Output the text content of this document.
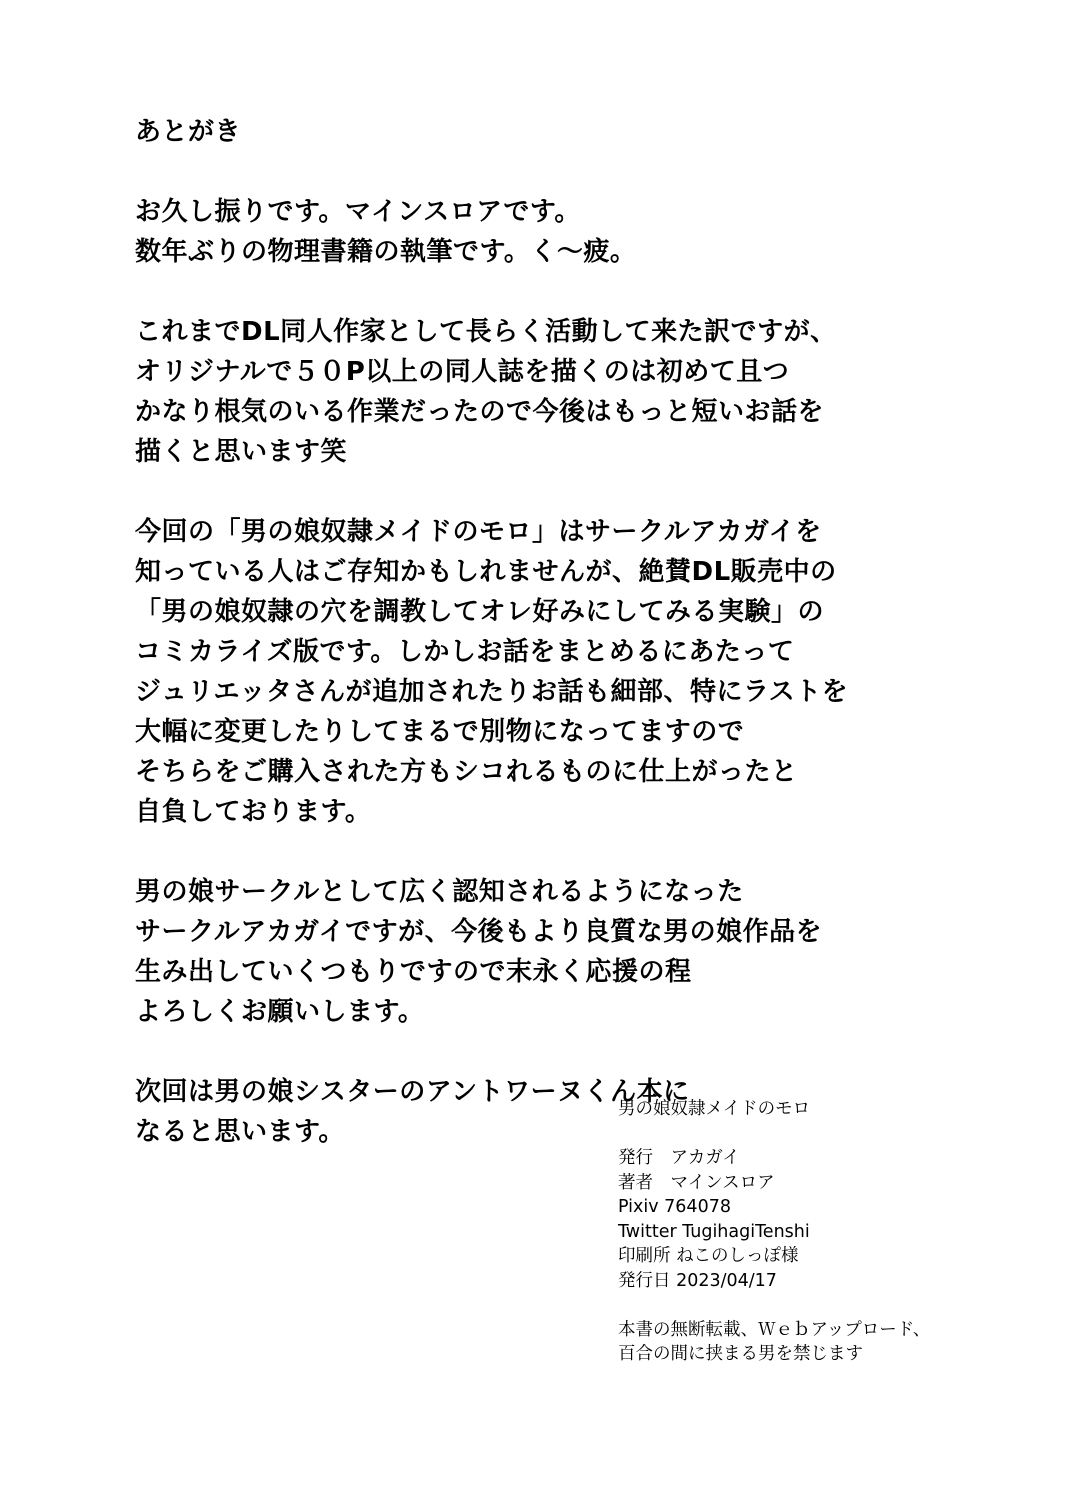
あとがき
お久し振りです。マインスロアです。
数年ぶりの物理書籍の執筆です。く～疲。
これまでDL同人作家として長らく活動して来た訳ですが、
オリジナルで５０P以上の同人誌を描くのは初めて且つ
かなり根気のいる作業だったので今後はもっと短いお話を
描くと思います笑
今回の「男の娘奴隷メイドのモロ」はサークルアカガイを
知っている人はご存知かもしれませんが、絶賛DL販売中の
「男の娘奴隷の穴を調教してオレ好みにしてみる実験」の
コミカライズ版です。しかしお話をまとめるにあたって
ジュリエッタさんが追加されたりお話も細部、特にラストを
大幅に変更したりしてまるで別物になってますので
そちらをご購入された方もシコれるものに仕上がったと
自負しております。
男の娘サークルとして広く認知されるようになった
サークルアカガイですが、今後もより良質な男の娘作品を
生み出していくつもりですので末永く応援の程
よろしくお願いします。
次回は男の娘シスターのアントワーヌくん本に
なると思います。
男の娘奴隷メイドのモロ
発行　アカガイ
著者　マインスロア
Pixiv 764078
Twitter TugihagiTenshi
印刷所 ねこのしっぽ様
発行日 2023/04/17
本書の無断転載、Ｗｅｂアップロード、
百合の間に挟まる男を禁じます
